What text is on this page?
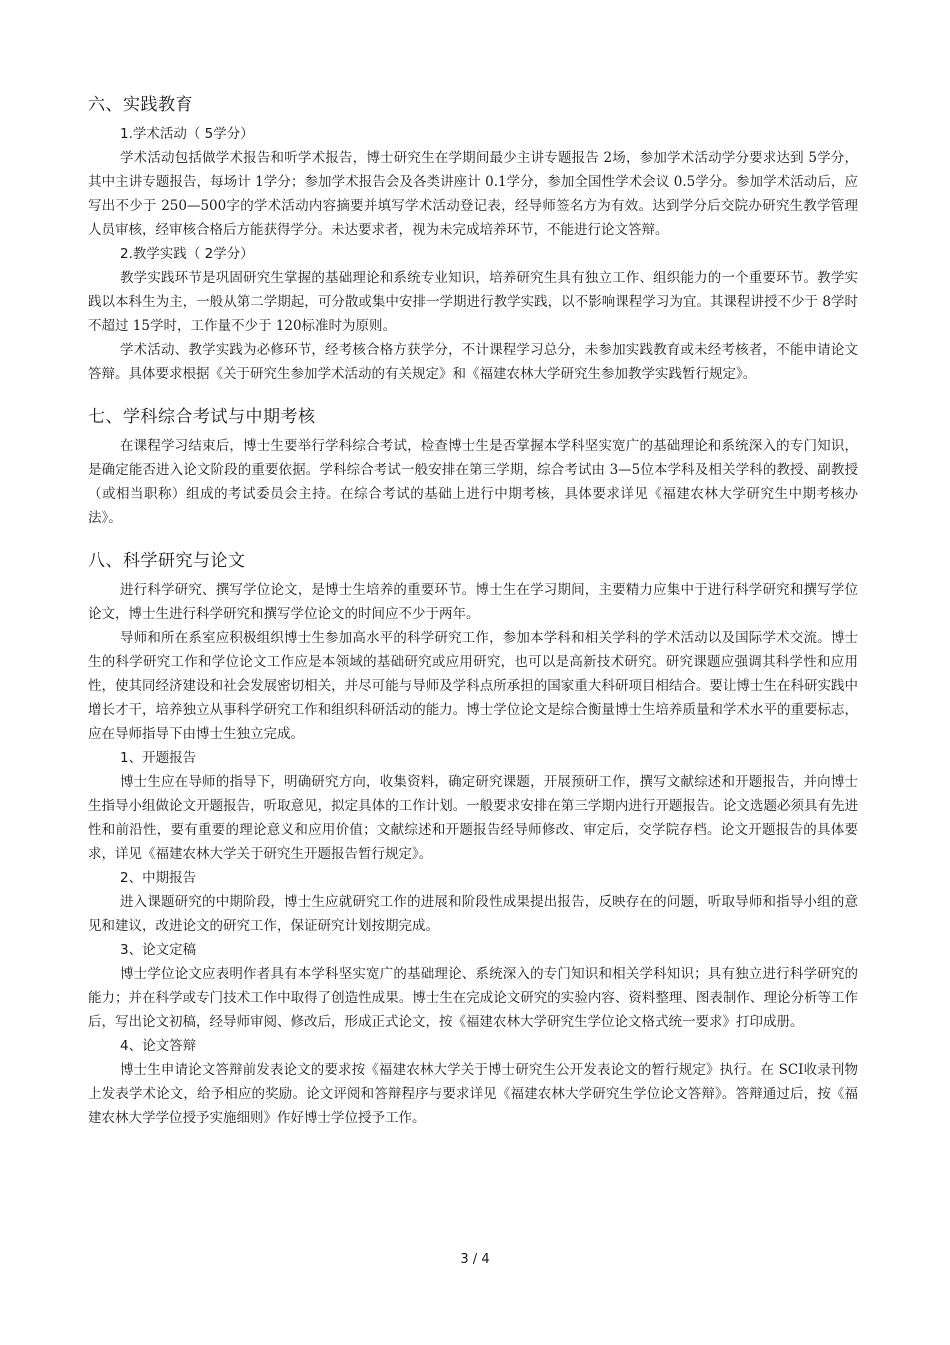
六、实践教育

1.学术活动（ 5学分）

学术活动包括做学术报告和听学术报告，博士研究生在学期间最少主讲专题报告 2场，参加学术活动学分要求达到 5学分，其中主讲专题报告，每场计 1学分；参加学术报告会及各类讲座计 0.1学分，参加全国性学术会议 0.5学分。参加学术活动后，应写出不少于 250—500字的学术活动内容摘要并填写学术活动登记表，经导师签名方为有效。达到学分后交院办研究生教学管理人员审核，经审核合格后方能获得学分。未达要求者，视为未完成培养环节，不能进行论文答辩。

2.教学实践（ 2学分）

教学实践环节是巩固研究生掌握的基础理论和系统专业知识，培养研究生具有独立工作、组织能力的一个重要环节。教学实践以本科生为主，一般从第二学期起，可分散或集中安排一学期进行教学实践，以不影响课程学习为宜。其课程讲授不少于 8学时不超过 15学时，工作量不少于 120标准时为原则。

学术活动、教学实践为必修环节，经考核合格方获学分，不计课程学习总分，未参加实践教育或未经考核者，不能申请论文答辩。具体要求根据《关于研究生参加学术活动的有关规定》和《福建农林大学研究生参加教学实践暂行规定》。

七、学科综合考试与中期考核

在课程学习结束后，博士生要举行学科综合考试，检查博士生是否掌握本学科坚实宽广的基础理论和系统深入的专门知识，是确定能否进入论文阶段的重要依据。学科综合考试一般安排在第三学期，综合考试由 3—5位本学科及相关学科的教授、副教授（或相当职称）组成的考试委员会主持。在综合考试的基础上进行中期考核，具体要求详见《福建农林大学研究生中期考核办法》。

八、科学研究与论文

进行科学研究、撰写学位论文，是博士生培养的重要环节。博士生在学习期间，主要精力应集中于进行科学研究和撰写学位论文，博士生进行科学研究和撰写学位论文的时间应不少于两年。

导师和所在系室应积极组织博士生参加高水平的科学研究工作，参加本学科和相关学科的学术活动以及国际学术交流。博士生的科学研究工作和学位论文工作应是本领域的基础研究或应用研究，也可以是高新技术研究。研究课题应强调其科学性和应用性，使其同经济建设和社会发展密切相关，并尽可能与导师及学科点所承担的国家重大科研项目相结合。要让博士生在科研实践中增长才干，培养独立从事科学研究工作和组织科研活动的能力。博士学位论文是综合衡量博士生培养质量和学术水平的重要标志，应在导师指导下由博士生独立完成。

1、开题报告

博士生应在导师的指导下，明确研究方向，收集资料，确定研究课题，开展预研工作，撰写文献综述和开题报告，并向博士生指导小组做论文开题报告，听取意见，拟定具体的工作计划。一般要求安排在第三学期内进行开题报告。论文选题必须具有先进性和前沿性，要有重要的理论意义和应用价值；文献综述和开题报告经导师修改、审定后，交学院存档。论文开题报告的具体要求，详见《福建农林大学关于研究生开题报告暂行规定》。

2、中期报告

进入课题研究的中期阶段，博士生应就研究工作的进展和阶段性成果提出报告，反映存在的问题，听取导师和指导小组的意见和建议，改进论文的研究工作，保证研究计划按期完成。

3、论文定稿

博士学位论文应表明作者具有本学科坚实宽广的基础理论、系统深入的专门知识和相关学科知识；具有独立进行科学研究的能力；并在科学或专门技术工作中取得了创造性成果。博士生在完成论文研究的实验内容、资料整理、图表制作、理论分析等工作后，写出论文初稿，经导师审阅、修改后，形成正式论文，按《福建农林大学研究生学位论文格式统一要求》打印成册。

4、论文答辩

博士生申请论文答辩前发表论文的要求按《福建农林大学关于博士研究生公开发表论文的暂行规定》执行。在 SCI收录刊物上发表学术论文，给予相应的奖励。论文评阅和答辩程序与要求详见《福建农林大学研究生学位论文答辩》。答辩通过后，按《福建农林大学学位授予实施细则》作好博士学位授予工作。

3 / 4
